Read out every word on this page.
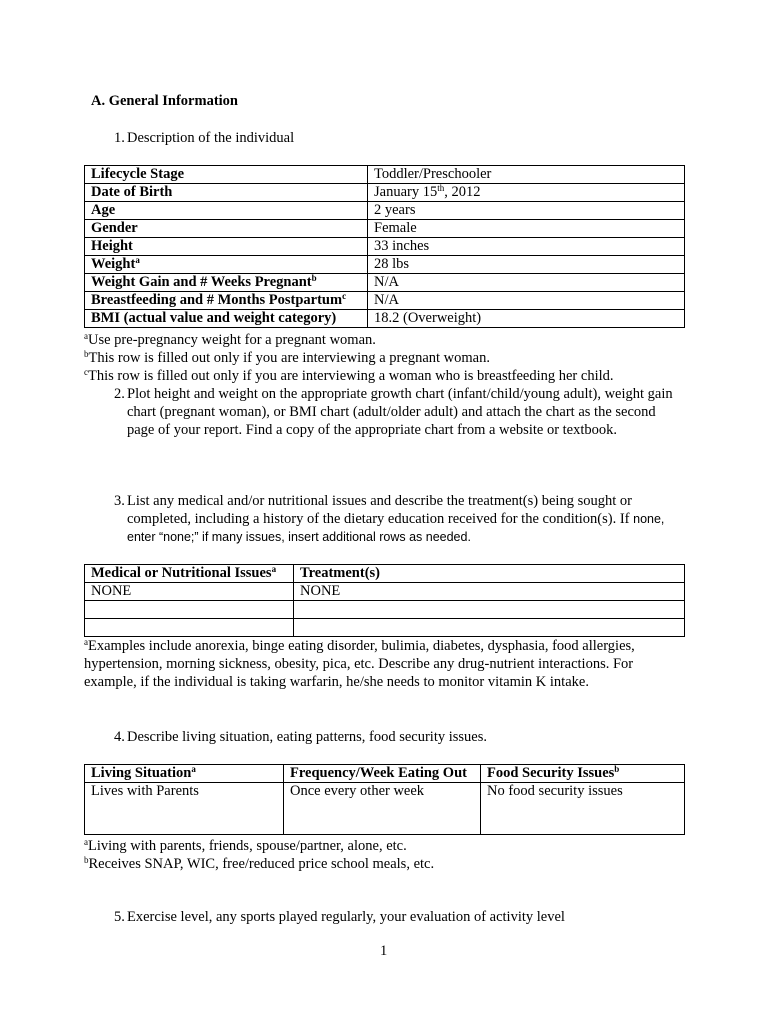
A. General Information
1. Description of the individual
Lifecycle Stage	Toddler/Preschooler
Date of Birth	January 15th, 2012
Age	2 years
Gender	Female
Height	33 inches
Weight$^a$	28 lbs
Weight Gain and # Weeks Pregnant$^b$	N/A
Breastfeeding and # Months Postpartum$^c$	N/A
BMI (actual value and weight category)	18.2 (Overweight)
$^a$Use pre-pregnancy weight for a pregnant woman.
$^b$This row is filled out only if you are interviewing a pregnant woman.
$^c$This row is filled out only if you are interviewing a woman who is breastfeeding her child.
2. Plot height and weight on the appropriate growth chart (infant/child/young adult), weight gain chart (pregnant woman), or BMI chart (adult/older adult) and attach the chart as the second page of your report. Find a copy of the appropriate chart from a website or textbook.
3. List any medical and/or nutritional issues and describe the treatment(s) being sought or completed, including a history of the dietary education received for the condition(s). If none, enter “none;” if many issues, insert additional rows as needed.
Medical or Nutritional Issues$^a$	Treatment(s)
NONE	NONE

$^a$Examples include anorexia, binge eating disorder, bulimia, diabetes, dysphasia, food allergies, hypertension, morning sickness, obesity, pica, etc. Describe any drug-nutrient interactions. For example, if the individual is taking warfarin, he/she needs to monitor vitamin K intake.
4. Describe living situation, eating patterns, food security issues.
Living Situation$^a$	Frequency/Week Eating Out	Food Security Issues$^b$
Lives with Parents	Once every other week	No food security issues
$^a$Living with parents, friends, spouse/partner, alone, etc.
$^b$Receives SNAP, WIC, free/reduced price school meals, etc.
5. Exercise level, any sports played regularly, your evaluation of activity level
1
